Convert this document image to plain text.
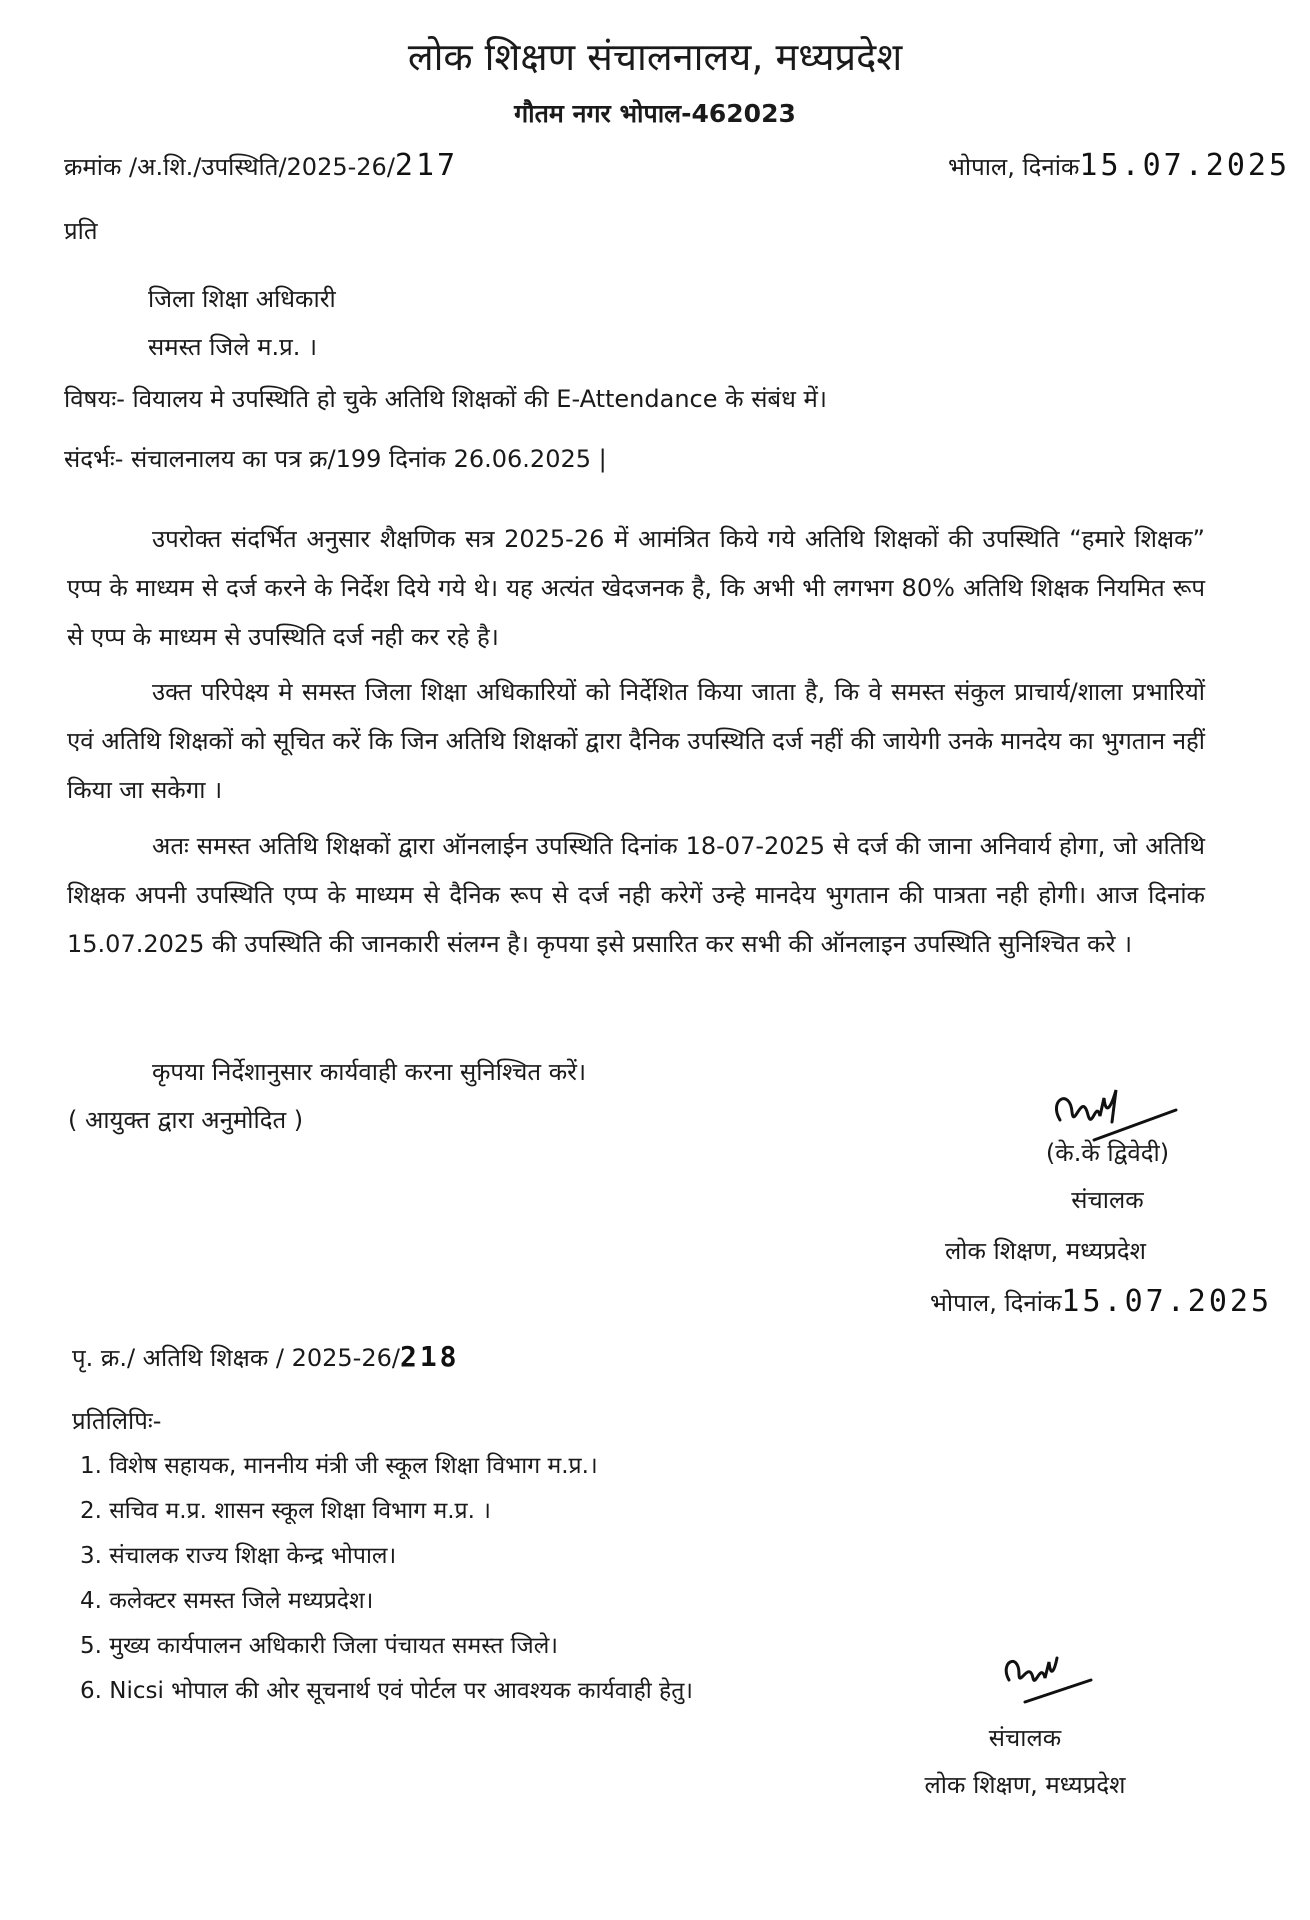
लोक शिक्षण संचालनालय, मध्यप्रदेश
गौतम नगर भोपाल-462023
क्रमांक /अ.शि./उपस्थिति/2025-26/217	भोपाल, दिनांक15.07.2025
प्रति
जिला शिक्षा अधिकारी
समस्त जिले म.प्र. ।
विषयः- वियालय मे उपस्थिति हो चुके अतिथि शिक्षकों की E-Attendance के संबंध में।
संदर्भः- संचालनालय का पत्र क्र/199 दिनांक 26.06.2025 |

उपरोक्त संदर्भित अनुसार शैक्षणिक सत्र 2025-26 में आमंत्रित किये गये अतिथि शिक्षकों की उपस्थिति “हमारे शिक्षक” एप्प के माध्यम से दर्ज करने के निर्देश दिये गये थे। यह अत्यंत खेदजनक है, कि अभी भी लगभग 80% अतिथि शिक्षक नियमित रूप से एप्प के माध्यम से उपस्थिति दर्ज नही कर रहे है।

उक्त परिपेक्ष्य मे समस्त जिला शिक्षा अधिकारियों को निर्देशित किया जाता है, कि वे समस्त संकुल प्राचार्य/शाला प्रभारियों एवं अतिथि शिक्षकों को सूचित करें कि जिन अतिथि शिक्षकों द्वारा दैनिक उपस्थिति दर्ज नहीं की जायेगी उनके मानदेय का भुगतान नहीं किया जा सकेगा ।

अतः समस्त अतिथि शिक्षकों द्वारा ऑनलाईन उपस्थिति दिनांक 18-07-2025 से दर्ज की जाना अनिवार्य होगा, जो अतिथि शिक्षक अपनी उपस्थिति एप्प के माध्यम से दैनिक रूप से दर्ज नही करेगें उन्हे मानदेय भुगतान की पात्रता नही होगी। आज दिनांक 15.07.2025 की उपस्थिति की जानकारी संलग्न है। कृपया इसे प्रसारित कर सभी की ऑनलाइन उपस्थिति सुनिश्चित करे ।

कृपया निर्देशानुसार कार्यवाही करना सुनिश्चित करें।
( आयुक्त द्वारा अनुमोदित )
(के.के द्विवेदी)
संचालक
लोक शिक्षण, मध्यप्रदेश
भोपाल, दिनांक15.07.2025
पृ. क्र./ अतिथि शिक्षक / 2025-26/218
प्रतिलिपिः-
1. विशेष सहायक, माननीय मंत्री जी स्कूल शिक्षा विभाग म.प्र.।
2. सचिव म.प्र. शासन स्कूल शिक्षा विभाग म.प्र. ।
3. संचालक राज्य शिक्षा केन्द्र भोपाल।
4. कलेक्टर समस्त जिले मध्यप्रदेश।
5. मुख्य कार्यपालन अधिकारी जिला पंचायत समस्त जिले।
6. Nicsi भोपाल की ओर सूचनार्थ एवं पोर्टल पर आवश्यक कार्यवाही हेतु।
संचालक
लोक शिक्षण, मध्यप्रदेश
